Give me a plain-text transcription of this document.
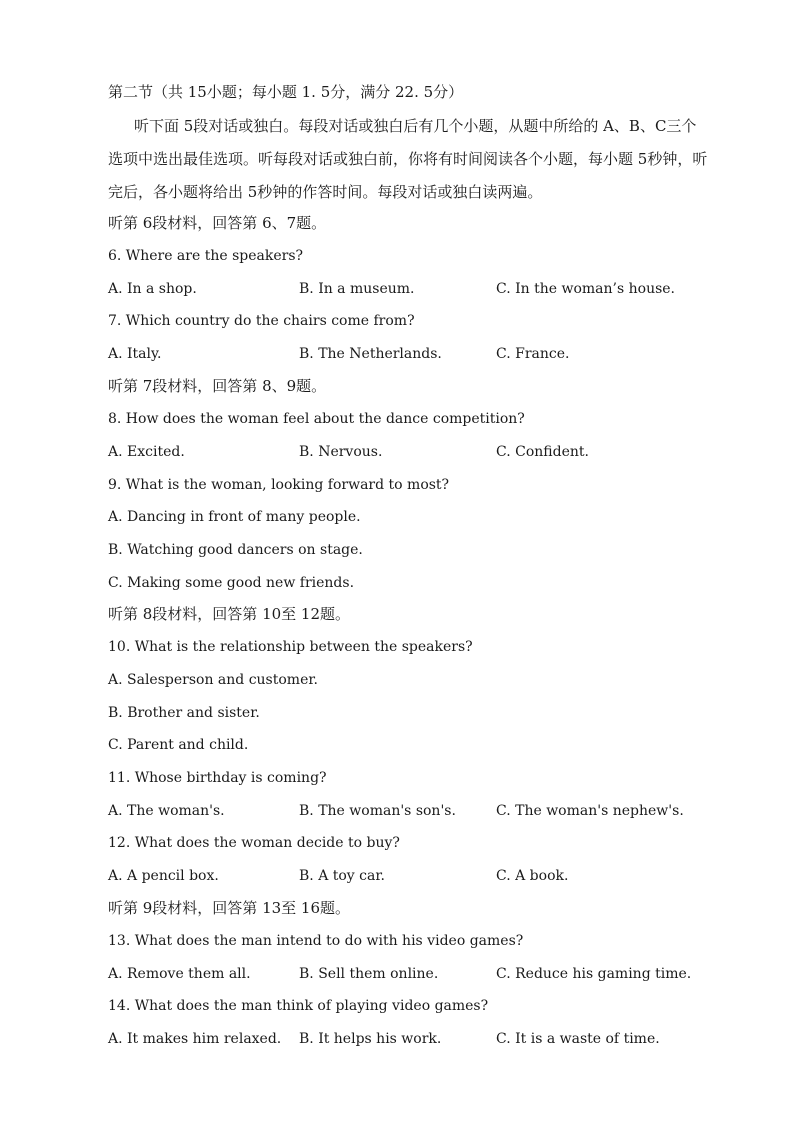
第二节（共 15小题；每小题 1. 5分，满分 22. 5分）
听下面 5段对话或独白。每段对话或独白后有几个小题，从题中所给的 A、B、C三个
选项中选出最佳选项。听每段对话或独白前，你将有时间阅读各个小题，每小题 5秒钟，听
完后，各小题将给出 5秒钟的作答时间。每段对话或独白读两遍。
听第 6段材料，回答第 6、7题。
6. Where are the speakers?
A. In a shop.	B. In a museum.	C. In the woman’s house.
7. Which country do the chairs come from?
A. Italy.	B. The Netherlands.	C. France.
听第 7段材料，回答第 8、9题。
8. How does the woman feel about the dance competition?
A. Excited.	B. Nervous.	C. Confident.
9. What is the woman, looking forward to most?
A. Dancing in front of many people.
B. Watching good dancers on stage.
C. Making some good new friends.
听第 8段材料，回答第 10至 12题。
10. What is the relationship between the speakers?
A. Salesperson and customer.
B. Brother and sister.
C. Parent and child.
11. Whose birthday is coming?
A. The woman's.	B. The woman's son's.	C. The woman's nephew's.
12. What does the woman decide to buy?
A. A pencil box.	B. A toy car.	C. A book.
听第 9段材料，回答第 13至 16题。
13. What does the man intend to do with his video games?
A. Remove them all.	B. Sell them online.	C. Reduce his gaming time.
14. What does the man think of playing video games?
A. It makes him relaxed. B. It helps his work.	C. It is a waste of time.
